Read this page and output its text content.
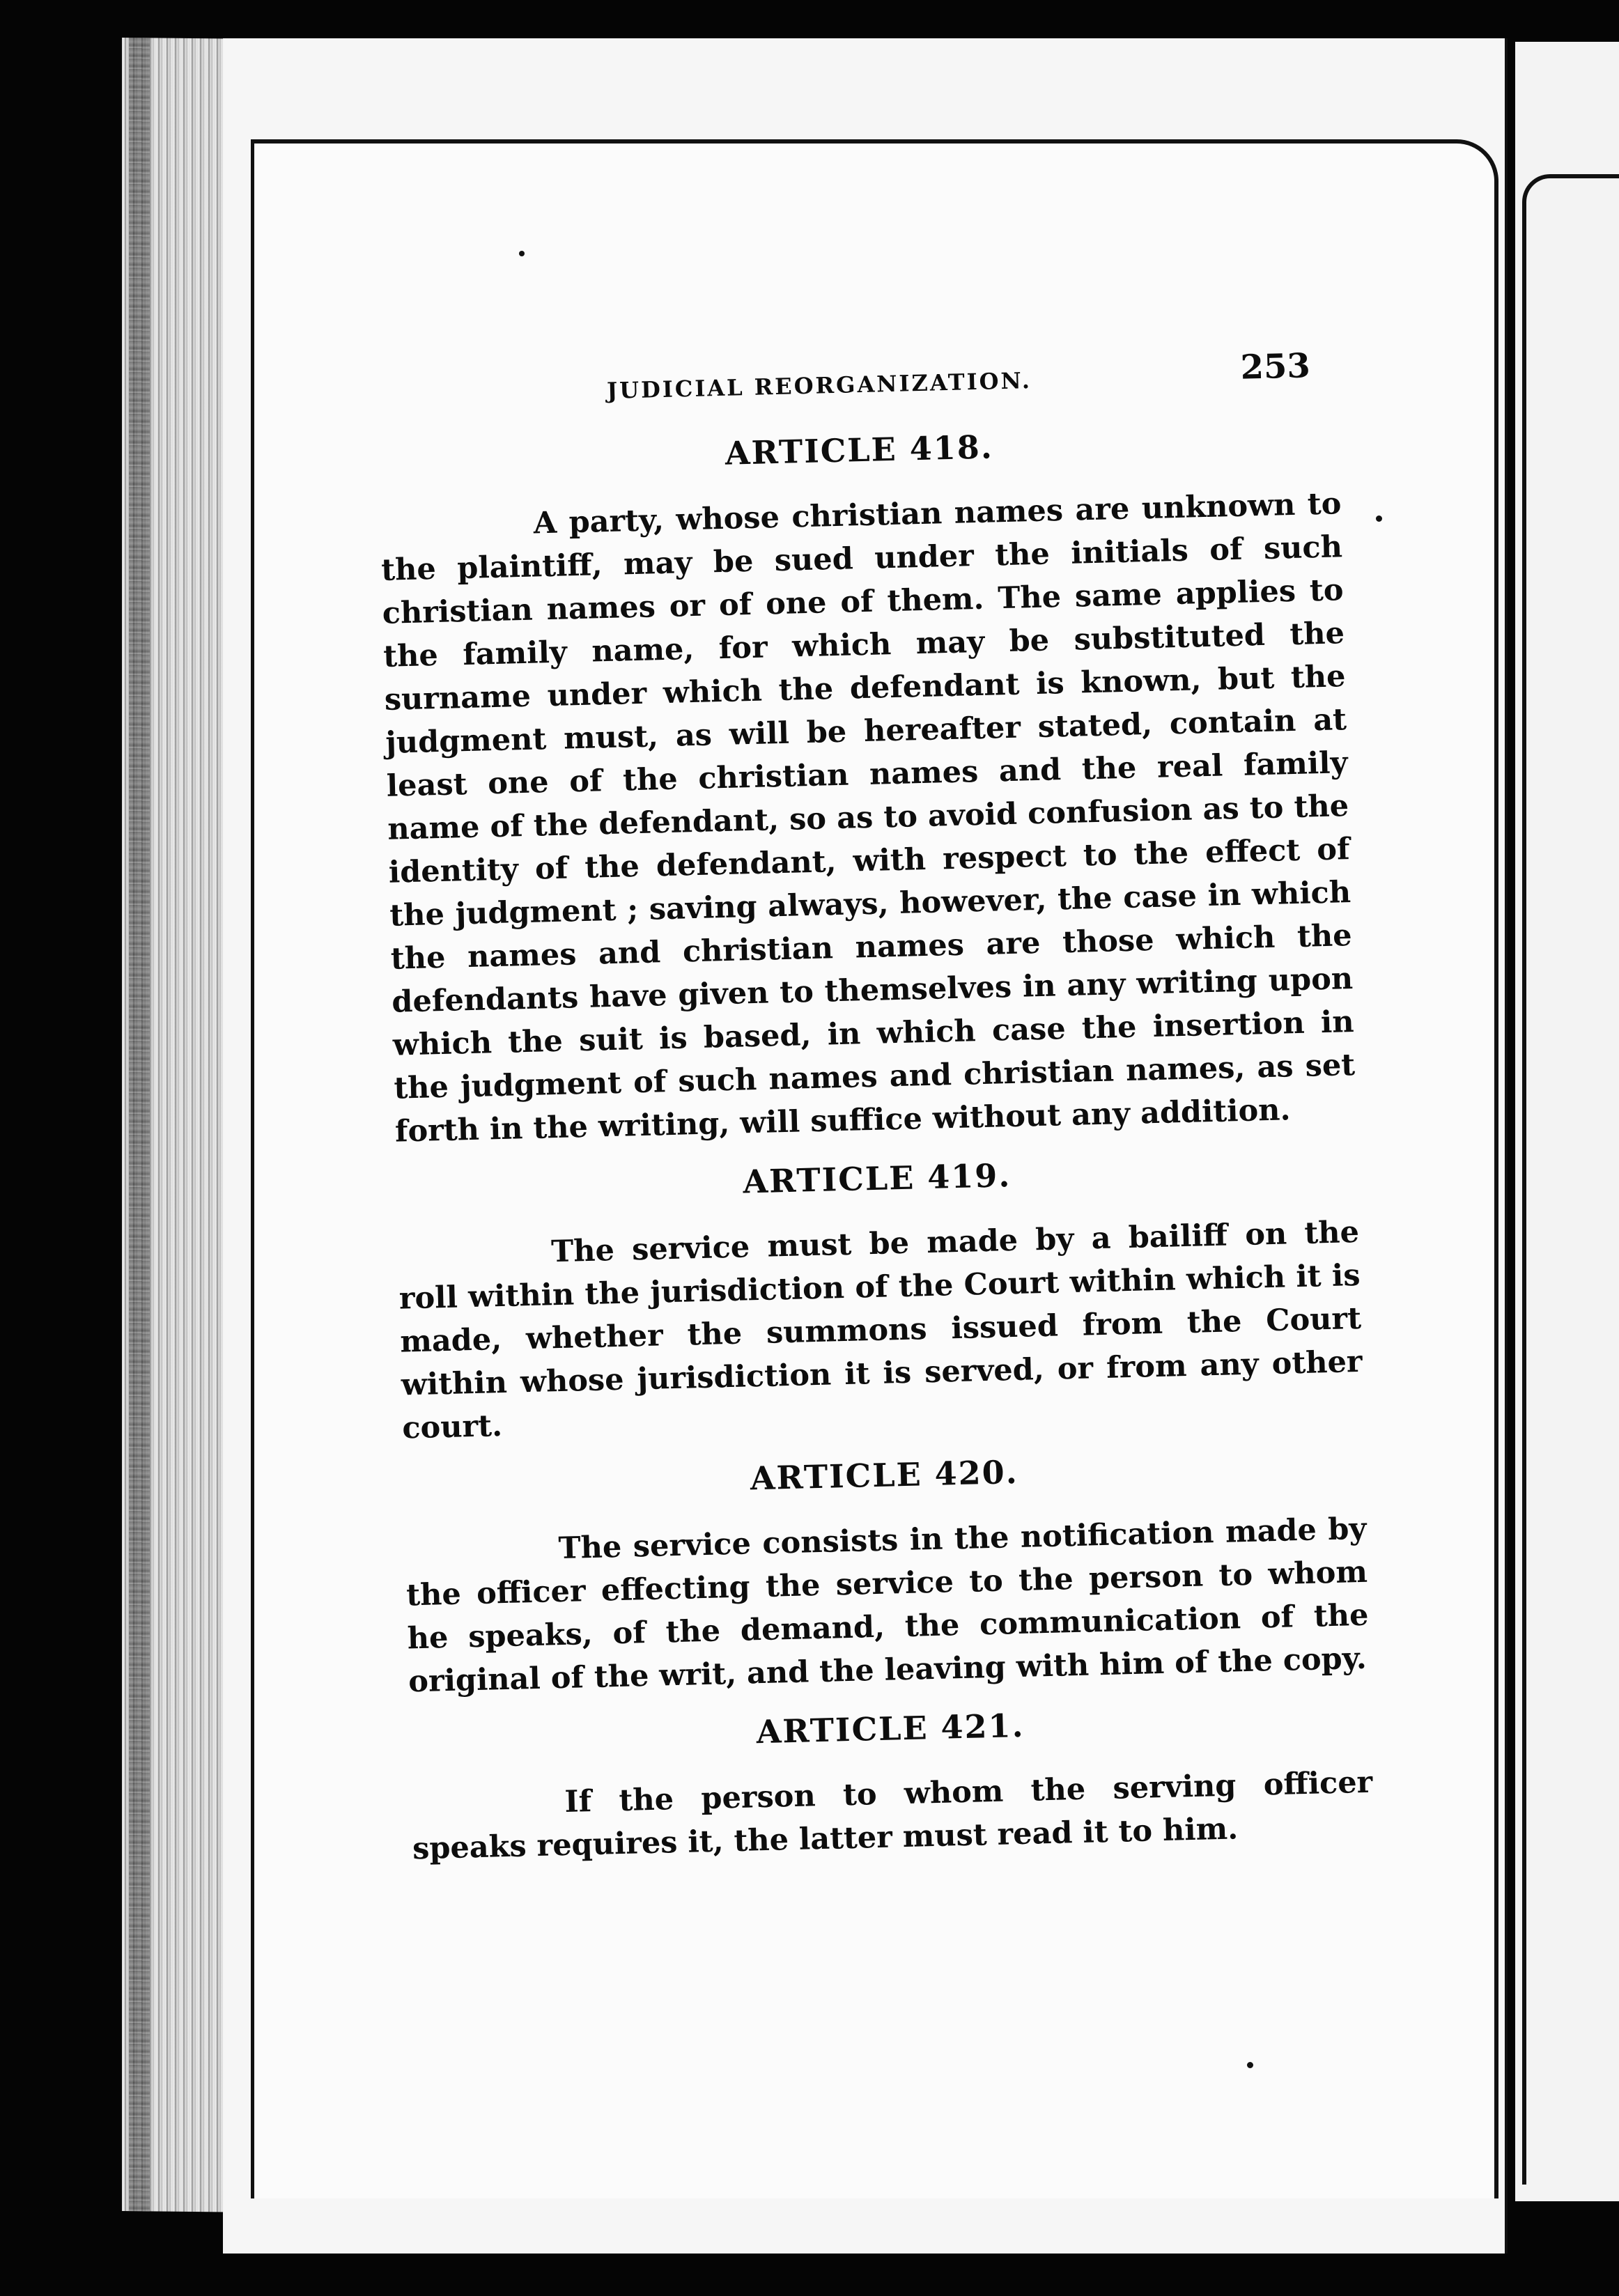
JUDICIAL REORGANIZATION.	253
ARTICLE 418.

A party, whose christian names are unknown to the plaintiff, may be sued under the initials of such christian names or of one of them. The same applies to the family name, for which may be substituted the surname under which the defendant is known, but the judgment must, as will be hereafter stated, contain at least one of the christian names and the real family name of the defendant, so as to avoid confusion as to the identity of the defendant, with respect to the effect of the judgment ; saving always, however, the case in which the names and christian names are those which the defendants have given to themselves in any writing upon which the suit is based, in which case the insertion in the judgment of such names and christian names, as set forth in the writing, will suffice without any addition.

ARTICLE 419.

The service must be made by a bailiff on the roll within the jurisdiction of the Court within which it is made, whether the summons issued from the Court within whose jurisdiction it is served, or from any other court.

ARTICLE 420.

The service consists in the notification made by the officer effecting the service to the person to whom he speaks, of the demand, the communication of the original of the writ, and the leaving with him of the copy.

ARTICLE 421.

If the person to whom the serving officer speaks requires it, the latter must read it to him.
